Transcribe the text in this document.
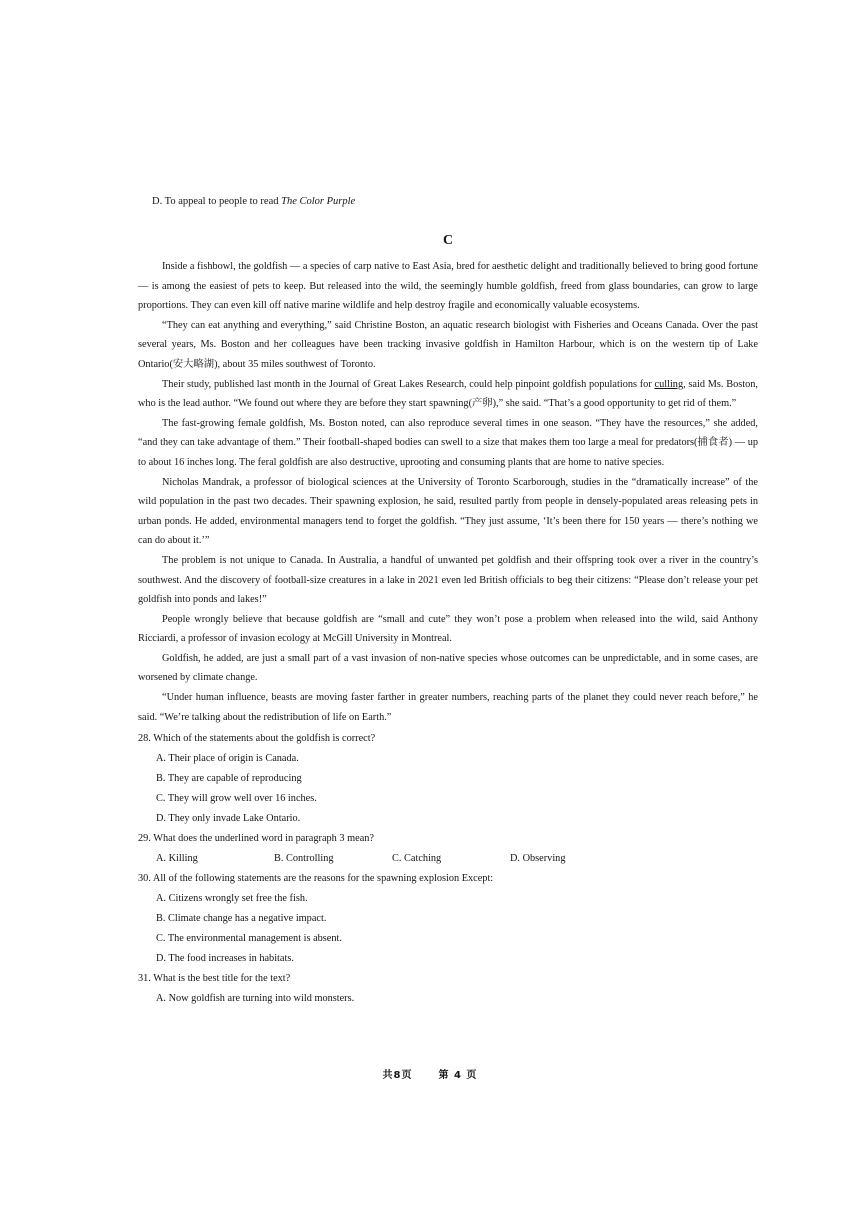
D. To appeal to people to read The Color Purple

C

Inside a fishbowl, the goldfish — a species of carp native to East Asia, bred for aesthetic delight and traditionally believed to bring good fortune — is among the easiest of pets to keep. But released into the wild, the seemingly humble goldfish, freed from glass boundaries, can grow to large proportions. They can even kill off native marine wildlife and help destroy fragile and economically valuable ecosystems.

“They can eat anything and everything,” said Christine Boston, an aquatic research biologist with Fisheries and Oceans Canada. Over the past several years, Ms. Boston and her colleagues have been tracking invasive goldfish in Hamilton Harbour, which is on the western tip of Lake Ontario(安大略湖), about 35 miles southwest of Toronto.

Their study, published last month in the Journal of Great Lakes Research, could help pinpoint goldfish populations for culling, said Ms. Boston, who is the lead author. “We found out where they are before they start spawning(产卵),” she said. “That’s a good opportunity to get rid of them.”

The fast-growing female goldfish, Ms. Boston noted, can also reproduce several times in one season. “They have the resources,” she added, “and they can take advantage of them.” Their football-shaped bodies can swell to a size that makes them too large a meal for predators(捕食者) — up to about 16 inches long. The feral goldfish are also destructive, uprooting and consuming plants that are home to native species.

Nicholas Mandrak, a professor of biological sciences at the University of Toronto Scarborough, studies in the “dramatically increase” of the wild population in the past two decades. Their spawning explosion, he said, resulted partly from people in densely-populated areas releasing pets in urban ponds. He added, environmental managers tend to forget the goldfish. “They just assume, ‘It’s been there for 150 years — there’s nothing we can do about it.’”

The problem is not unique to Canada. In Australia, a handful of unwanted pet goldfish and their offspring took over a river in the country’s southwest. And the discovery of football-size creatures in a lake in 2021 even led British officials to beg their citizens: “Please don’t release your pet goldfish into ponds and lakes!”

People wrongly believe that because goldfish are “small and cute” they won’t pose a problem when released into the wild, said Anthony Ricciardi, a professor of invasion ecology at McGill University in Montreal.

Goldfish, he added, are just a small part of a vast invasion of non-native species whose outcomes can be unpredictable, and in some cases, are worsened by climate change.

“Under human influence, beasts are moving faster farther in greater numbers, reaching parts of the planet they could never reach before,” he said. “We’re talking about the redistribution of life on Earth.”

28. Which of the statements about the goldfish is correct?

A. Their place of origin is Canada.

B. They are capable of reproducing

C. They will grow well over 16 inches.

D. They only invade Lake Ontario.

29. What does the underlined word in paragraph 3 mean?

A. Killing	B. Controlling	C. Catching	D. Observing

30. All of the following statements are the reasons for the spawning explosion Except:

A. Citizens wrongly set free the fish.

B. Climate change has a negative impact.

C. The environmental management is absent.

D. The food increases in habitats.

31. What is the best title for the text?

A. Now goldfish are turning into wild monsters.

共8页	第 4 页
